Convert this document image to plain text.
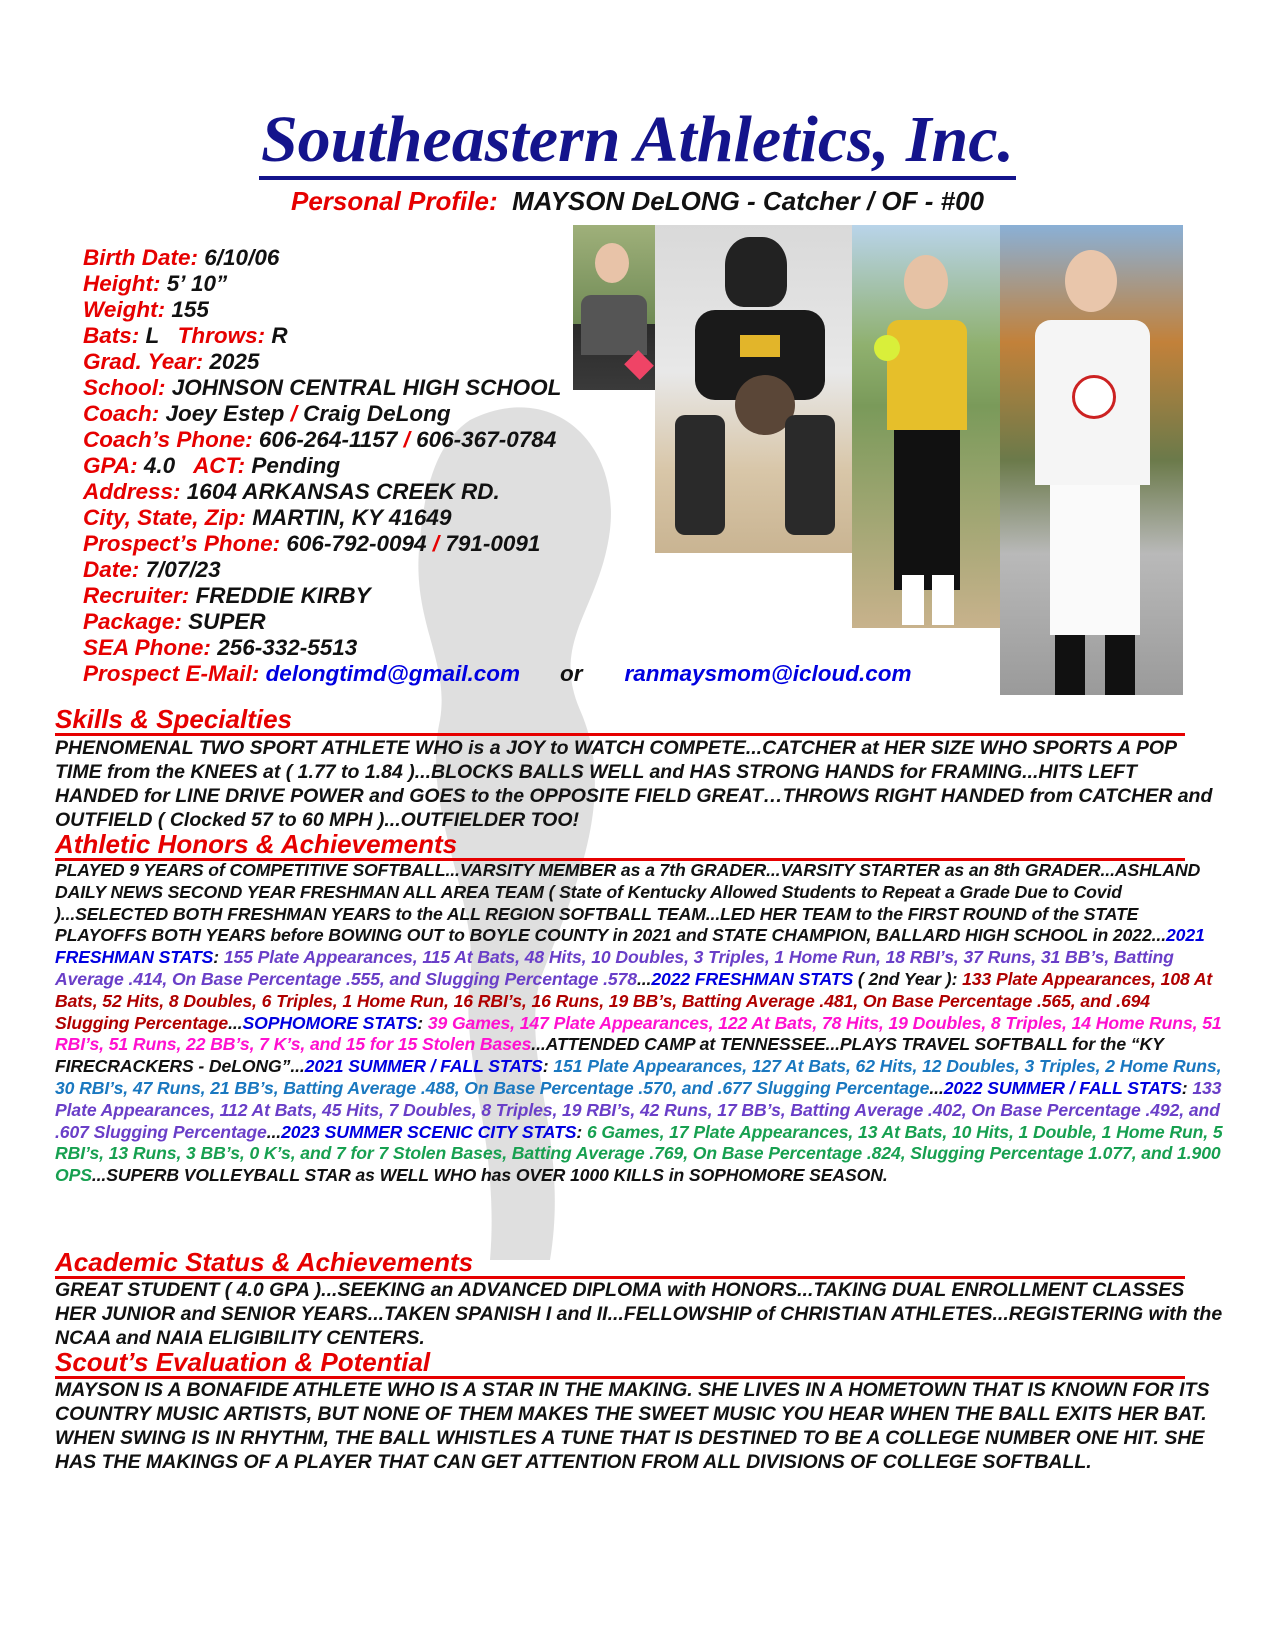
Southeastern Athletics, Inc.
Personal Profile: MAYSON DeLONG - Catcher / OF - #00
Birth Date: 6/10/06
Height: 5’ 10”
Weight: 155
Bats: L Throws: R
Grad. Year: 2025
School: JOHNSON CENTRAL HIGH SCHOOL
Coach: Joey Estep / Craig DeLong
Coach’s Phone: 606-264-1157 / 606-367-0784
GPA: 4.0 ACT: Pending
Address: 1604 ARKANSAS CREEK RD.
City, State, Zip: MARTIN, KY 41649
Prospect’s Phone: 606-792-0094 / 791-0091
Date: 7/07/23
Recruiter: FREDDIE KIRBY
Package: SUPER
SEA Phone: 256-332-5513
Prospect E-Mail: delongtimd@gmail.com or ranmaysmom@icloud.com
Skills & Specialties
PHENOMENAL TWO SPORT ATHLETE WHO is a JOY to WATCH COMPETE...CATCHER at HER SIZE WHO SPORTS A POP TIME from the KNEES at ( 1.77 to 1.84 )...BLOCKS BALLS WELL and HAS STRONG HANDS for FRAMING...HITS LEFT HANDED for LINE DRIVE POWER and GOES to the OPPOSITE FIELD GREAT…THROWS RIGHT HANDED from CATCHER and OUTFIELD ( Clocked 57 to 60 MPH )...OUTFIELDER TOO!
Athletic Honors & Achievements
PLAYED 9 YEARS of COMPETITIVE SOFTBALL...VARSITY MEMBER as a 7th GRADER...VARSITY STARTER as an 8th GRADER...ASHLAND DAILY NEWS SECOND YEAR FRESHMAN ALL AREA TEAM ( State of Kentucky Allowed Students to Repeat a Grade Due to Covid )...SELECTED BOTH FRESHMAN YEARS to the ALL REGION SOFTBALL TEAM...LED HER TEAM to the FIRST ROUND of the STATE PLAYOFFS BOTH YEARS before BOWING OUT to BOYLE COUNTY in 2021 and STATE CHAMPION, BALLARD HIGH SCHOOL in 2022...2021 FRESHMAN STATS: 155 Plate Appearances, 115 At Bats, 48 Hits, 10 Doubles, 3 Triples, 1 Home Run, 18 RBI’s, 37 Runs, 31 BB’s, Batting Average .414, On Base Percentage .555, and Slugging Percentage .578...2022 FRESHMAN STATS ( 2nd Year ): 133 Plate Appearances, 108 At Bats, 52 Hits, 8 Doubles, 6 Triples, 1 Home Run, 16 RBI’s, 16 Runs, 19 BB’s, Batting Average .481, On Base Percentage .565, and .694 Slugging Percentage...SOPHOMORE STATS: 39 Games, 147 Plate Appearances, 122 At Bats, 78 Hits, 19 Doubles, 8 Triples, 14 Home Runs, 51 RBI’s, 51 Runs, 22 BB’s, 7 K’s, and 15 for 15 Stolen Bases...ATTENDED CAMP at TENNESSEE...PLAYS TRAVEL SOFTBALL for the “KY FIRECRACKERS - DeLONG”...2021 SUMMER / FALL STATS: 151 Plate Appearances, 127 At Bats, 62 Hits, 12 Doubles, 3 Triples, 2 Home Runs, 30 RBI’s, 47 Runs, 21 BB’s, Batting Average .488, On Base Percentage .570, and .677 Slugging Percentage...2022 SUMMER / FALL STATS: 133 Plate Appearances, 112 At Bats, 45 Hits, 7 Doubles, 8 Triples, 19 RBI’s, 42 Runs, 17 BB’s, Batting Average .402, On Base Percentage .492, and .607 Slugging Percentage...2023 SUMMER SCENIC CITY STATS: 6 Games, 17 Plate Appearances, 13 At Bats, 10 Hits, 1 Double, 1 Home Run, 5 RBI’s, 13 Runs, 3 BB’s, 0 K’s, and 7 for 7 Stolen Bases, Batting Average .769, On Base Percentage .824, Slugging Percentage 1.077, and 1.900 OPS...SUPERB VOLLEYBALL STAR as WELL WHO has OVER 1000 KILLS in SOPHOMORE SEASON.
Academic Status & Achievements
GREAT STUDENT ( 4.0 GPA )...SEEKING an ADVANCED DIPLOMA with HONORS...TAKING DUAL ENROLLMENT CLASSES HER JUNIOR and SENIOR YEARS...TAKEN SPANISH I and II...FELLOWSHIP of CHRISTIAN ATHLETES...REGISTERING with the NCAA and NAIA ELIGIBILITY CENTERS.
Scout’s Evaluation & Potential
MAYSON IS A BONAFIDE ATHLETE WHO IS A STAR IN THE MAKING. SHE LIVES IN A HOMETOWN THAT IS KNOWN FOR ITS COUNTRY MUSIC ARTISTS, BUT NONE OF THEM MAKES THE SWEET MUSIC YOU HEAR WHEN THE BALL EXITS HER BAT. WHEN SWING IS IN RHYTHM, THE BALL WHISTLES A TUNE THAT IS DESTINED TO BE A COLLEGE NUMBER ONE HIT. SHE HAS THE MAKINGS OF A PLAYER THAT CAN GET ATTENTION FROM ALL DIVISIONS OF COLLEGE SOFTBALL.
